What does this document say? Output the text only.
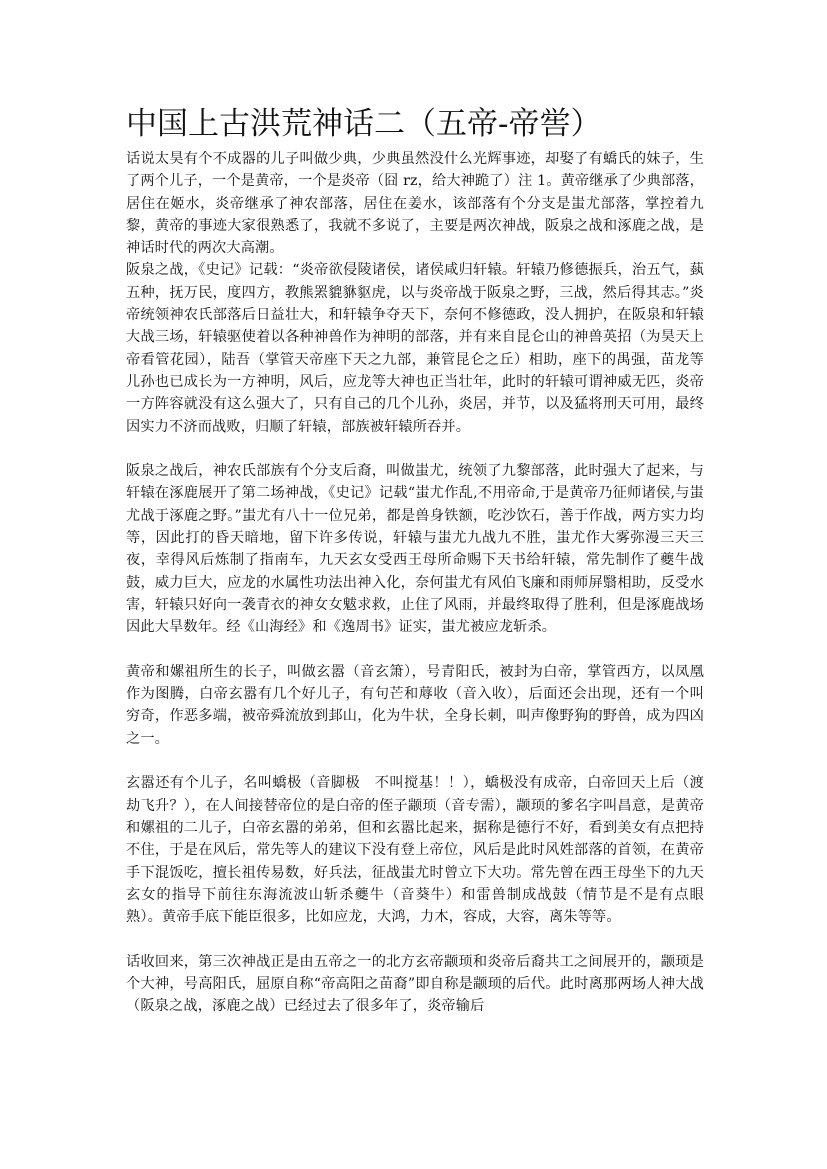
中国上古洪荒神话二（五帝-帝喾）

话说太昊有个不成器的儿子叫做少典，少典虽然没什么光辉事迹，却娶了有蟜氏的妹子，生了两个儿子，一个是黄帝，一个是炎帝（囧 rz，给大神跪了）注 1。黄帝继承了少典部落，居住在姬水，炎帝继承了神农部落，居住在姜水，该部落有个分支是蚩尤部落，掌控着九黎，黄帝的事迹大家很熟悉了，我就不多说了，主要是两次神战，阪泉之战和涿鹿之战，是神话时代的两次大高潮。

阪泉之战，《史记》记载：“炎帝欲侵陵诸侯，诸侯咸归轩辕。轩辕乃修德振兵，治五气，蓺五种，抚万民，度四方，教熊罴貔貅䝙虎，以与炎帝战于阪泉之野，三战，然后得其志。”炎帝统领神农氏部落后日益壮大，和轩辕争夺天下，奈何不修德政，没人拥护，在阪泉和轩辕大战三场，轩辕驱使着以各种神兽作为神明的部落，并有来自昆仑山的神兽英招（为昊天上帝看管花园），陆吾（掌管天帝座下天之九部，兼管昆仑之丘）相助，座下的禺强，苗龙等儿孙也已成长为一方神明，风后，应龙等大神也正当壮年，此时的轩辕可谓神威无匹，炎帝一方阵容就没有这么强大了，只有自己的几个儿孙，炎居，并节，以及猛将刑天可用，最终因实力不济而战败，归顺了轩辕，部族被轩辕所吞并。

阪泉之战后，神农氏部族有个分支后裔，叫做蚩尤，统领了九黎部落，此时强大了起来，与轩辕在涿鹿展开了第二场神战，《史记》记载“蚩尤作乱,不用帝命,于是黄帝乃征师诸侯,与蚩尤战于涿鹿之野。”蚩尤有八十一位兄弟，都是兽身铁额，吃沙饮石，善于作战，两方实力均等，因此打的昏天暗地，留下许多传说，轩辕与蚩尤九战九不胜，蚩尤作大雾弥漫三天三夜，幸得风后炼制了指南车，九天玄女受西王母所命赐下天书给轩辕，常先制作了夔牛战鼓，威力巨大，应龙的水属性功法出神入化，奈何蚩尤有风伯飞廉和雨师屏翳相助，反受水害，轩辕只好向一袭青衣的神女女魃求救，止住了风雨，并最终取得了胜利，但是涿鹿战场因此大旱数年。经《山海经》和《逸周书》证实，蚩尤被应龙斩杀。

黄帝和嫘祖所生的长子，叫做玄嚣（音玄箫），号青阳氏，被封为白帝，掌管西方，以凤凰作为图腾，白帝玄嚣有几个好儿子，有句芒和蓐收（音入收），后面还会出现，还有一个叫穷奇，作恶多端，被帝舜流放到邽山，化为牛状，全身长刺，叫声像野狗的野兽，成为四凶之一。

玄嚣还有个儿子，名叫蟜极（音脚极　不叫搅基！！），蟜极没有成帝，白帝回天上后（渡劫飞升？），在人间接替帝位的是白帝的侄子颛顼（音专需），颛顼的爹名字叫昌意，是黄帝和嫘祖的二儿子，白帝玄嚣的弟弟，但和玄嚣比起来，据称是德行不好，看到美女有点把持不住，于是在风后，常先等人的建议下没有登上帝位，风后是此时风姓部落的首领，在黄帝手下混饭吃，擅长祖传易数，好兵法，征战蚩尤时曾立下大功。常先曾在西王母坐下的九天玄女的指导下前往东海流波山斩杀夔牛（音葵牛）和雷兽制成战鼓（情节是不是有点眼熟）。黄帝手底下能臣很多，比如应龙，大鸿，力木，容成，大容，离朱等等。

话收回来，第三次神战正是由五帝之一的北方玄帝颛顼和炎帝后裔共工之间展开的，颛顼是个大神，号高阳氏，屈原自称“帝高阳之苗裔”即自称是颛顼的后代。此时离那两场人神大战（阪泉之战，涿鹿之战）已经过去了很多年了，炎帝输后
